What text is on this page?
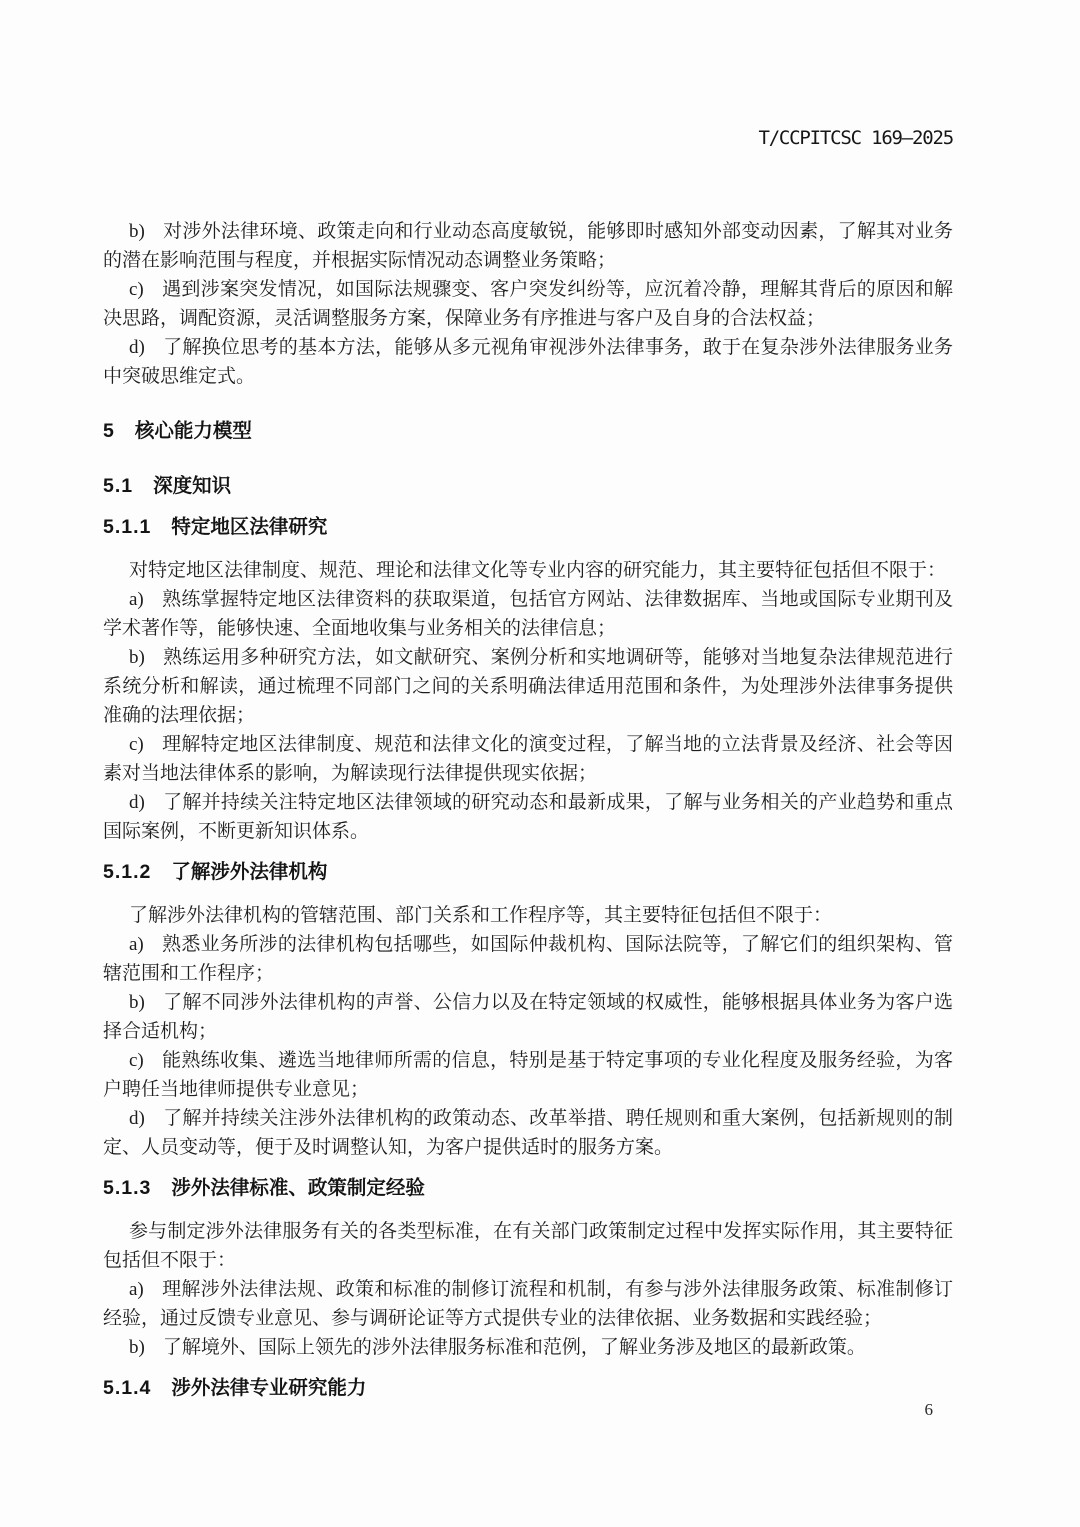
T/CCPITCSC 169—2025

b) 对涉外法律环境、政策走向和行业动态高度敏锐，能够即时感知外部变动因素，了解其对业务的潜在影响范围与程度，并根据实际情况动态调整业务策略；

c) 遇到涉案突发情况，如国际法规骤变、客户突发纠纷等，应沉着冷静，理解其背后的原因和解决思路，调配资源，灵活调整服务方案，保障业务有序推进与客户及自身的合法权益；

d) 了解换位思考的基本方法，能够从多元视角审视涉外法律事务，敢于在复杂涉外法律服务业务中突破思维定式。

5 核心能力模型
5.1 深度知识
5.1.1 特定地区法律研究

对特定地区法律制度、规范、理论和法律文化等专业内容的研究能力，其主要特征包括但不限于：

a) 熟练掌握特定地区法律资料的获取渠道，包括官方网站、法律数据库、当地或国际专业期刊及学术著作等，能够快速、全面地收集与业务相关的法律信息；

b) 熟练运用多种研究方法，如文献研究、案例分析和实地调研等，能够对当地复杂法律规范进行系统分析和解读，通过梳理不同部门之间的关系明确法律适用范围和条件，为处理涉外法律事务提供准确的法理依据；

c) 理解特定地区法律制度、规范和法律文化的演变过程，了解当地的立法背景及经济、社会等因素对当地法律体系的影响，为解读现行法律提供现实依据；

d) 了解并持续关注特定地区法律领域的研究动态和最新成果，了解与业务相关的产业趋势和重点国际案例，不断更新知识体系。

5.1.2 了解涉外法律机构

了解涉外法律机构的管辖范围、部门关系和工作程序等，其主要特征包括但不限于：

a) 熟悉业务所涉的法律机构包括哪些，如国际仲裁机构、国际法院等，了解它们的组织架构、管辖范围和工作程序；

b) 了解不同涉外法律机构的声誉、公信力以及在特定领域的权威性，能够根据具体业务为客户选择合适机构；

c) 能熟练收集、遴选当地律师所需的信息，特别是基于特定事项的专业化程度及服务经验，为客户聘任当地律师提供专业意见；

d) 了解并持续关注涉外法律机构的政策动态、改革举措、聘任规则和重大案例，包括新规则的制定、人员变动等，便于及时调整认知，为客户提供适时的服务方案。

5.1.3 涉外法律标准、政策制定经验

参与制定涉外法律服务有关的各类型标准，在有关部门政策制定过程中发挥实际作用，其主要特征包括但不限于：

a) 理解涉外法律法规、政策和标准的制修订流程和机制，有参与涉外法律服务政策、标准制修订经验，通过反馈专业意见、参与调研论证等方式提供专业的法律依据、业务数据和实践经验；

b) 了解境外、国际上领先的涉外法律服务标准和范例，了解业务涉及地区的最新政策。

5.1.4 涉外法律专业研究能力
6
